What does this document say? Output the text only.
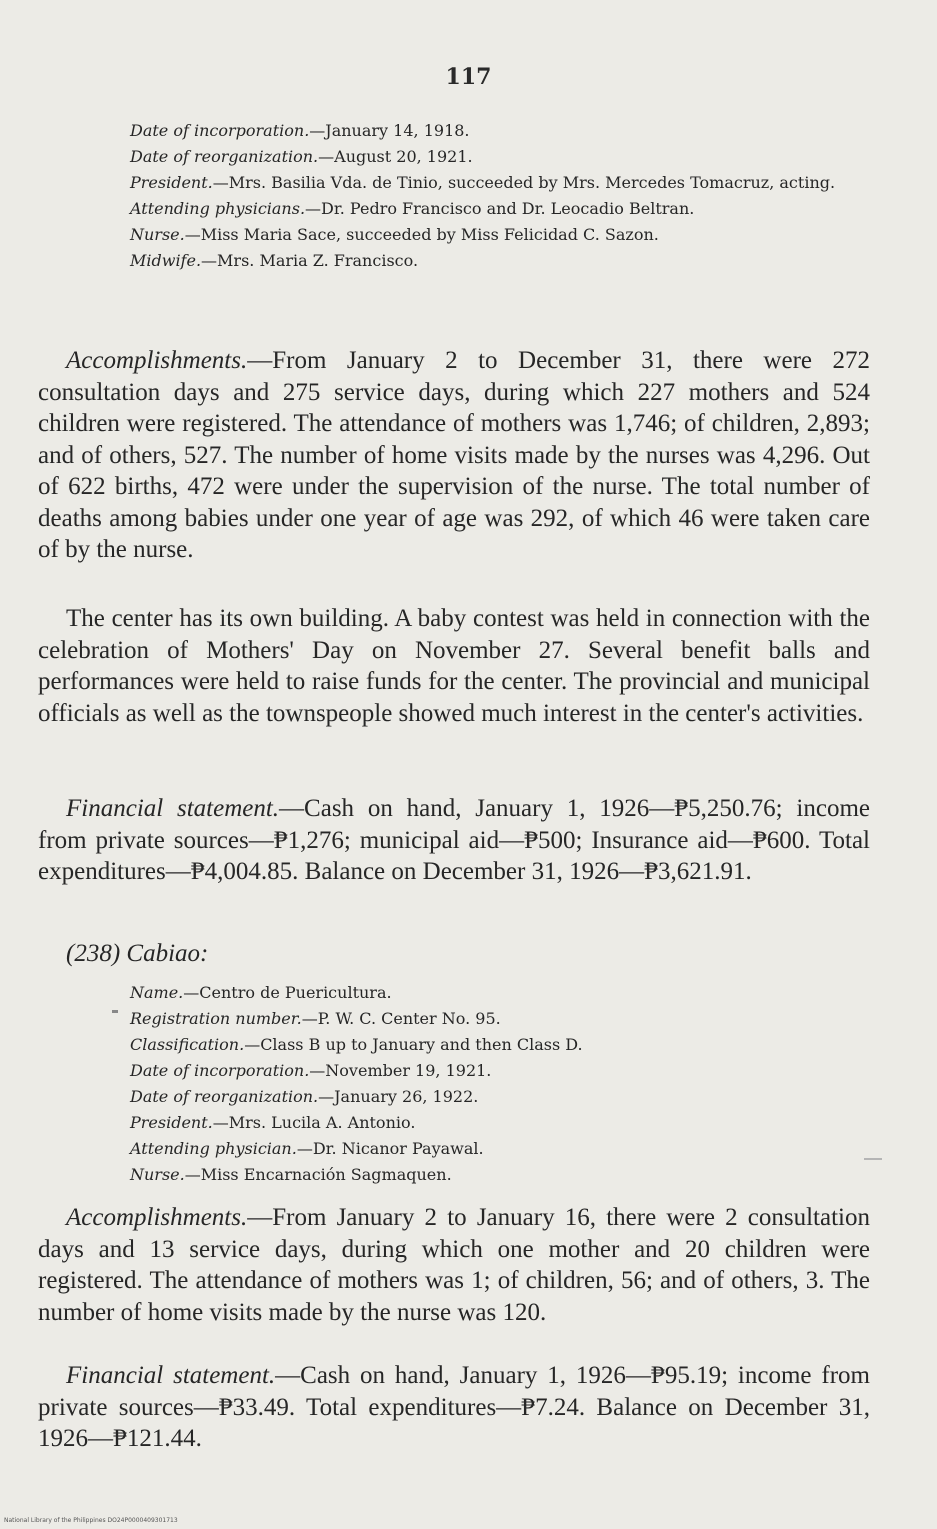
117

Date of incorporation.—January 14, 1918.

Date of reorganization.—August 20, 1921.

President.—Mrs. Basilia Vda. de Tinio, succeeded by Mrs. Mercedes Tomacruz, acting.

Attending physicians.—Dr. Pedro Francisco and Dr. Leocadio Beltran.

Nurse.—Miss Maria Sace, succeeded by Miss Felicidad C. Sazon.

Midwife.—Mrs. Maria Z. Francisco.

Accomplishments.—From January 2 to December 31, there were 272 consultation days and 275 service days, during which 227 mothers and 524 children were registered. The attendance of mothers was 1,746; of children, 2,893; and of others, 527. The number of home visits made by the nurses was 4,296. Out of 622 births, 472 were under the supervision of the nurse. The total number of deaths among babies under one year of age was 292, of which 46 were taken care of by the nurse.

The center has its own building. A baby contest was held in connection with the celebration of Mothers' Day on November 27. Several benefit balls and performances were held to raise funds for the center. The provincial and municipal officials as well as the townspeople showed much interest in the center's activities.

Financial statement.—Cash on hand, January 1, 1926—₱5,250.76; income from private sources—₱1,276; municipal aid—₱500; Insurance aid—₱600. Total expenditures—₱4,004.85. Balance on December 31, 1926—₱3,621.91.

(238) Cabiao:

Name.—Centro de Puericultura.

Registration number.—P. W. C. Center No. 95.

Classification.—Class B up to January and then Class D.

Date of incorporation.—November 19, 1921.

Date of reorganization.—January 26, 1922.

President.—Mrs. Lucila A. Antonio.

Attending physician.—Dr. Nicanor Payawal.

Nurse.—Miss Encarnación Sagmaquen.

Accomplishments.—From January 2 to January 16, there were 2 consultation days and 13 service days, during which one mother and 20 children were registered. The attendance of mothers was 1; of children, 56; and of others, 3. The number of home visits made by the nurse was 120.

Financial statement.—Cash on hand, January 1, 1926—₱95.19; income from private sources—₱33.49. Total expenditures—₱7.24. Balance on December 31, 1926—₱121.44.

National Library of the Philippines DO24P0000409301713
